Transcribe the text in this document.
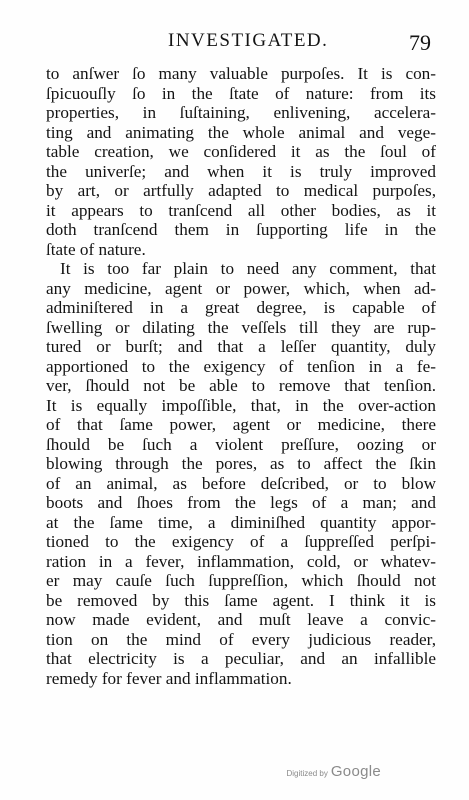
INVESTIGATED.	79
to anſwer ſo many valuable purpoſes. It is con-
ſpicuouſly ſo in the ſtate of nature: from its
properties, in ſuſtaining, enlivening, accelera-
ting and animating the whole animal and vege-
table creation, we conſidered it as the ſoul of
the univerſe; and when it is truly improved
by art, or artfully adapted to medical purpoſes,
it appears to tranſcend all other bodies, as it
doth tranſcend them in ſupporting life in the
ſtate of nature.
It is too far plain to need any comment, that
any medicine, agent or power, which, when ad-
adminiſtered in a great degree, is capable of
ſwelling or dilating the veſſels till they are rup-
tured or burſt; and that a leſſer quantity, duly
apportioned to the exigency of tenſion in a fe-
ver, ſhould not be able to remove that tenſion.
It is equally impoſſible, that, in the over-action
of that ſame power, agent or medicine, there
ſhould be ſuch a violent preſſure, oozing or
blowing through the pores, as to affect the ſkin
of an animal, as before deſcribed, or to blow
boots and ſhoes from the legs of a man; and
at the ſame time, a diminiſhed quantity appor-
tioned to the exigency of a ſuppreſſed perſpi-
ration in a fever, inflammation, cold, or whatev-
er may cauſe ſuch ſuppreſſion, which ſhould not
be removed by this ſame agent. I think it is
now made evident, and muſt leave a convic-
tion on the mind of every judicious reader,
that electricity is a peculiar, and an infallible
remedy for fever and inflammation.
Digitized by Google
